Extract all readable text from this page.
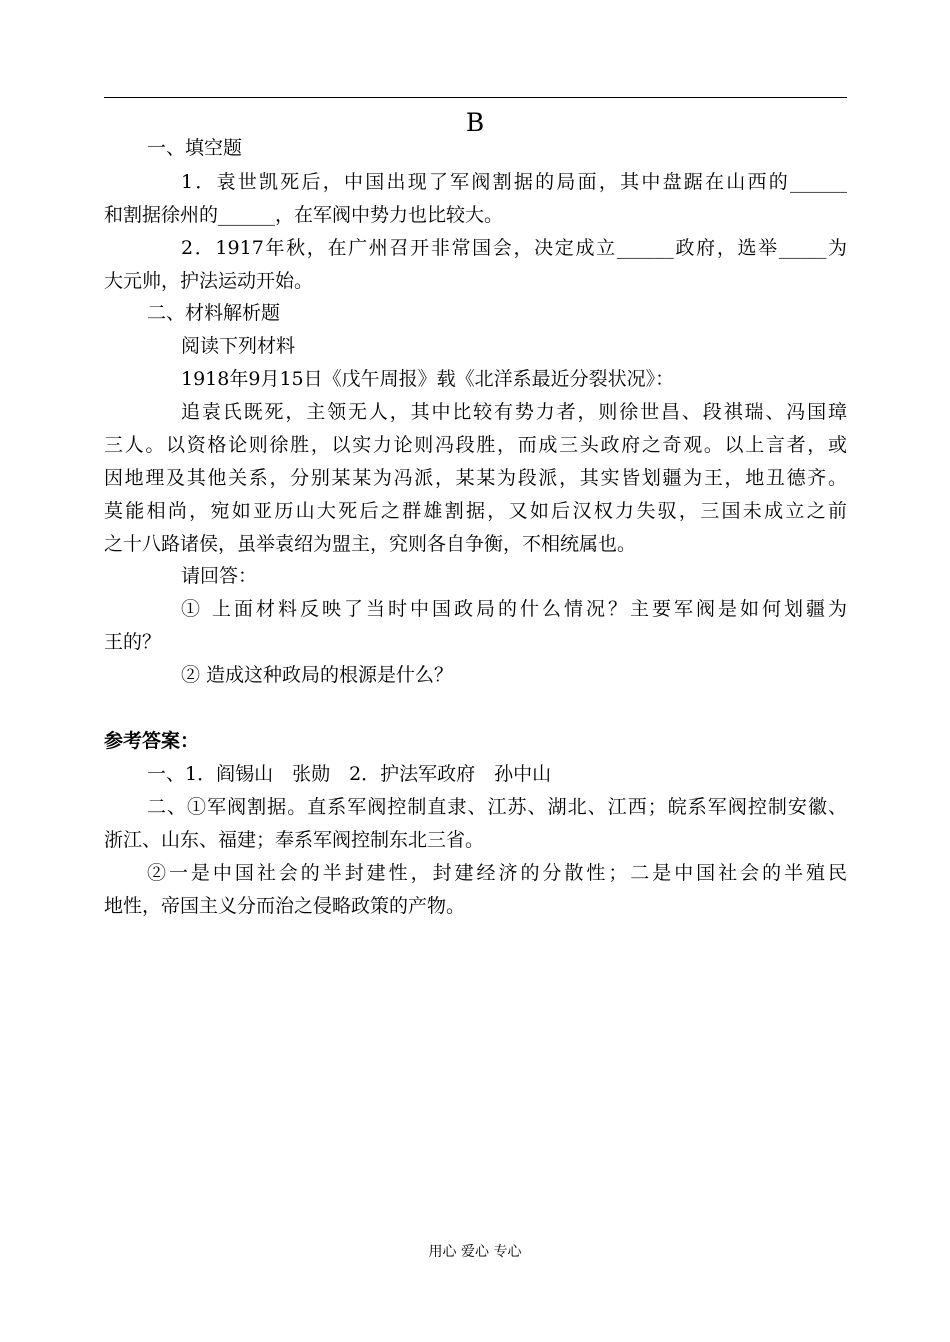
B
一、填空题
1．袁世凯死后，中国出现了军阀割据的局面，其中盘踞在山西的______
和割据徐州的______，在军阀中势力也比较大。
2．1917年秋，在广州召开非常国会，决定成立______政府，选举_____为
大元帅，护法运动开始。
二、材料解析题
阅读下列材料
1918年9月15日《戊午周报》载《北洋系最近分裂状况》：
追袁氏既死，主领无人，其中比较有势力者，则徐世昌、段祺瑞、冯国璋
三人。以资格论则徐胜，以实力论则冯段胜，而成三头政府之奇观。以上言者，或
因地理及其他关系，分别某某为冯派，某某为段派，其实皆划疆为王，地丑德齐。
莫能相尚，宛如亚历山大死后之群雄割据，又如后汉权力失驭，三国未成立之前
之十八路诸侯，虽举袁绍为盟主，究则各自争衡，不相统属也。
请回答：
① 上面材料反映了当时中国政局的什么情况？主要军阀是如何划疆为
王的？
② 造成这种政局的根源是什么？
参考答案：
一、1．阎锡山　张勋　2．护法军政府　孙中山
二、①军阀割据。直系军阀控制直隶、江苏、湖北、江西；皖系军阀控制安徽、
浙江、山东、福建；奉系军阀控制东北三省。
②一是中国社会的半封建性，封建经济的分散性；二是中国社会的半殖民
地性，帝国主义分而治之侵略政策的产物。
用心 爱心 专心
